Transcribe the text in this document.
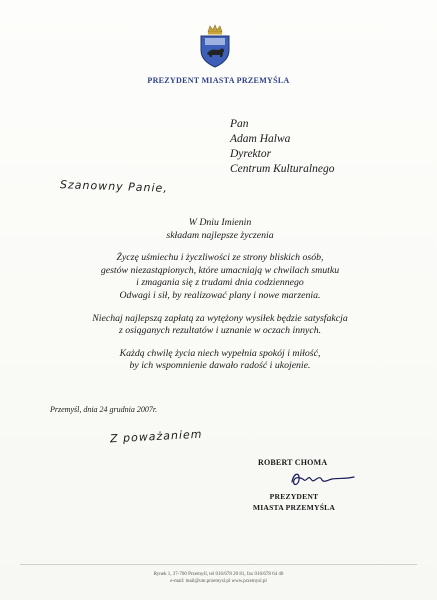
PREZYDENT MIASTA PRZEMYŚLA
Pan
Adam Halwa
Dyrektor
Centrum Kulturalnego
Szanowny Panie,

W Dniu Imienin
składam najlepsze życzenia

Życzę uśmiechu i życzliwości ze strony bliskich osób,
gestów niezastąpionych, które umacniają w chwilach smutku
i zmagania się z trudami dnia codziennego
Odwagi i sił, by realizować plany i nowe marzenia.

Niechaj najlepszą zapłatą za wytężony wysiłek będzie satysfakcja
z osiąganych rezultatów i uznanie w oczach innych.

Każdą chwilę życia niech wypełnia spokój i miłość,
by ich wspomnienie dawało radość i ukojenie.

Przemyśl, dnia 24 grudnia 2007r.
Z poważaniem
ROBERT CHOMA
PREZYDENT
MIASTA PRZEMYŚLA
Rynek 1, 37-700 Przemyśl, tel 016/678 20 81, fax 016/678 64 40
e-mail: mail@um.przemysl.pl www.przemysl.pl
